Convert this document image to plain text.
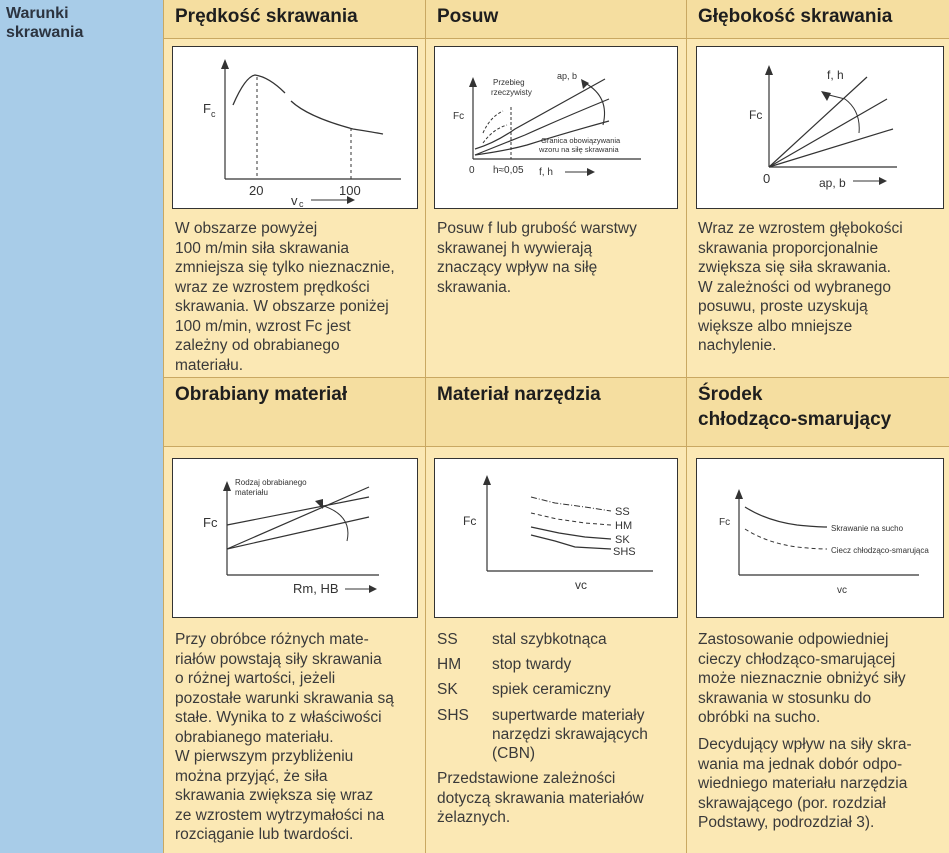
Warunki
skrawania
Prędkość skrawania	Posuw	Głębokość skrawania
F c
20	100
v c

W obszarze powyżej

100 m/min siła skrawania

zmniejsza się tylko nieznacznie,

wraz ze wzrostem prędkości

skrawania. W obszarze poniżej

100 m/min, wzrost Fc jest

zależny od obrabianego

materiału.

Przebieg
rzeczywisty
ap, b
Granica obowiązywania
wzoru na siłę skrawania
Fc
0 h≈0,05 f, h

Posuw f lub grubość warstwy

skrawanej h wywierają

znaczący wpływ na siłę

skrawania.

f, h
Fc
0	ap, b

Wraz ze wzrostem głębokości

skrawania proporcjonalnie

zwiększa się siła skrawania.

W zależności od wybranego

posuwu, proste uzyskują

większe albo mniejsze

nachylenie.

Obrabiany materiał	Materiał narzędzia	Środek
chłodząco-smarujący
Rodzaj obrabianego
materiału
Fc
Rm, HB

Przy obróbce różnych mate-

riałów powstają siły skrawania

o różnej wartości, jeżeli

pozostałe warunki skrawania są

stałe. Wynika to z właściwości

obrabianego materiału.

W pierwszym przybliżeniu

można przyjąć, że siła

skrawania zwiększa się wraz

ze wzrostem wytrzymałości na

rozciąganie lub twardości.

SS
HM
SK
SHS
Fc
vc
SS stal szybkotnąca
HM stop twardy
SK spiek ceramiczny
SHS supertwarde materiały
narzędzi skrawających
(CBN)

Przedstawione zależności

dotyczą skrawania materiałów

żelaznych.

Fc
Skrawanie na sucho
Ciecz chłodząco-smarująca
vc

Zastosowanie odpowiedniej

cieczy chłodząco-smarującej

może nieznacznie obniżyć siły

skrawania w stosunku do

obróbki na sucho.

Decydujący wpływ na siły skra-

wania ma jednak dobór odpo-

wiedniego materiału narzędzia

skrawającego (por. rozdział

Podstawy, podrozdział 3).
